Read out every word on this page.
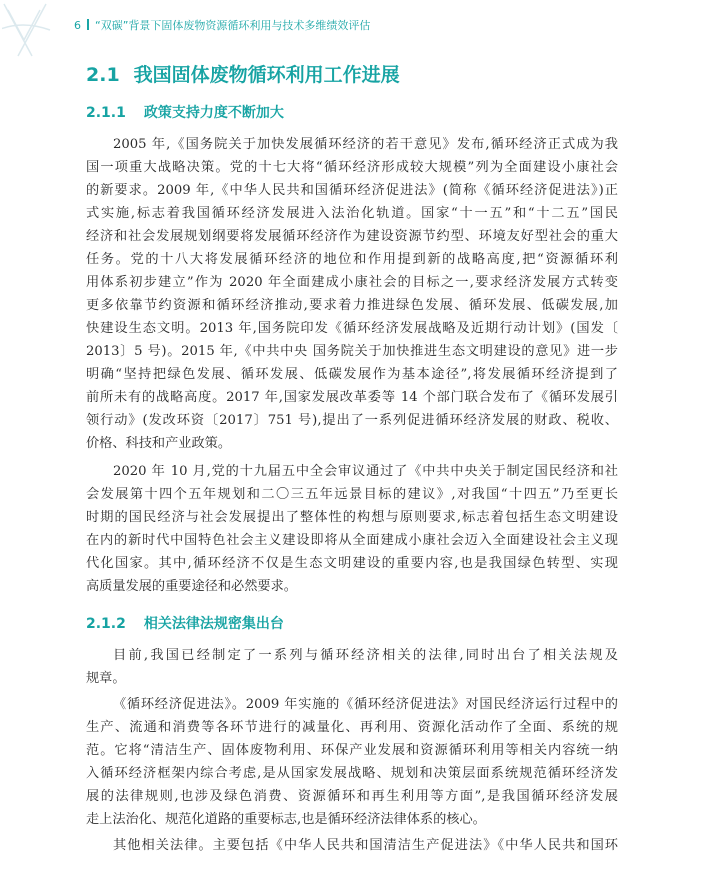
6 “双碳”背景下固体废物资源循环利用与技术多维绩效评估
2.1 我国固体废物循环利用工作进展
2.1.1 政策支持力度不断加大
2005 年,《国务院关于加快发展循环经济的若干意见》发布,循环经济正式成为我
国一项重大战略决策。党的十七大将“循环经济形成较大规模”列为全面建设小康社会
的新要求。2009 年,《中华人民共和国循环经济促进法》(简称《循环经济促进法》)正
式实施,标志着我国循环经济发展进入法治化轨道。国家“十一五”和“十二五”国民
经济和社会发展规划纲要将发展循环经济作为建设资源节约型、环境友好型社会的重大
任务。党的十八大将发展循环经济的地位和作用提到新的战略高度,把“资源循环利
用体系初步建立”作为 2020 年全面建成小康社会的目标之一,要求经济发展方式转变
更多依靠节约资源和循环经济推动,要求着力推进绿色发展、循环发展、低碳发展,加
快建设生态文明。2013 年,国务院印发《循环经济发展战略及近期行动计划》(国发〔
2013〕5 号)。2015 年,《中共中央 国务院关于加快推进生态文明建设的意见》进一步
明确“坚持把绿色发展、循环发展、低碳发展作为基本途径”,将发展循环经济提到了
前所未有的战略高度。2017 年,国家发展改革委等 14 个部门联合发布了《循环发展引
领行动》(发改环资〔2017〕751 号),提出了一系列促进循环经济发展的财政、税收、
价格、科技和产业政策。
2020 年 10 月,党的十九届五中全会审议通过了《中共中央关于制定国民经济和社
会发展第十四个五年规划和二〇三五年远景目标的建议》,对我国“十四五”乃至更长
时期的国民经济与社会发展提出了整体性的构想与原则要求,标志着包括生态文明建设
在内的新时代中国特色社会主义建设即将从全面建成小康社会迈入全面建设社会主义现
代化国家。其中,循环经济不仅是生态文明建设的重要内容,也是我国绿色转型、实现
高质量发展的重要途径和必然要求。
2.1.2 相关法律法规密集出台
目前,我国已经制定了一系列与循环经济相关的法律,同时出台了相关法规及
规章。
《循环经济促进法》。2009 年实施的《循环经济促进法》对国民经济运行过程中的
生产、流通和消费等各环节进行的减量化、再利用、资源化活动作了全面、系统的规
范。它将“清洁生产、固体废物利用、环保产业发展和资源循环利用等相关内容统一纳
入循环经济框架内综合考虑,是从国家发展战略、规划和决策层面系统规范循环经济发
展的法律规则,也涉及绿色消费、资源循环和再生利用等方面”,是我国循环经济发展
走上法治化、规范化道路的重要标志,也是循环经济法律体系的核心。
其他相关法律。主要包括《中华人民共和国清洁生产促进法》《中华人民共和国环
